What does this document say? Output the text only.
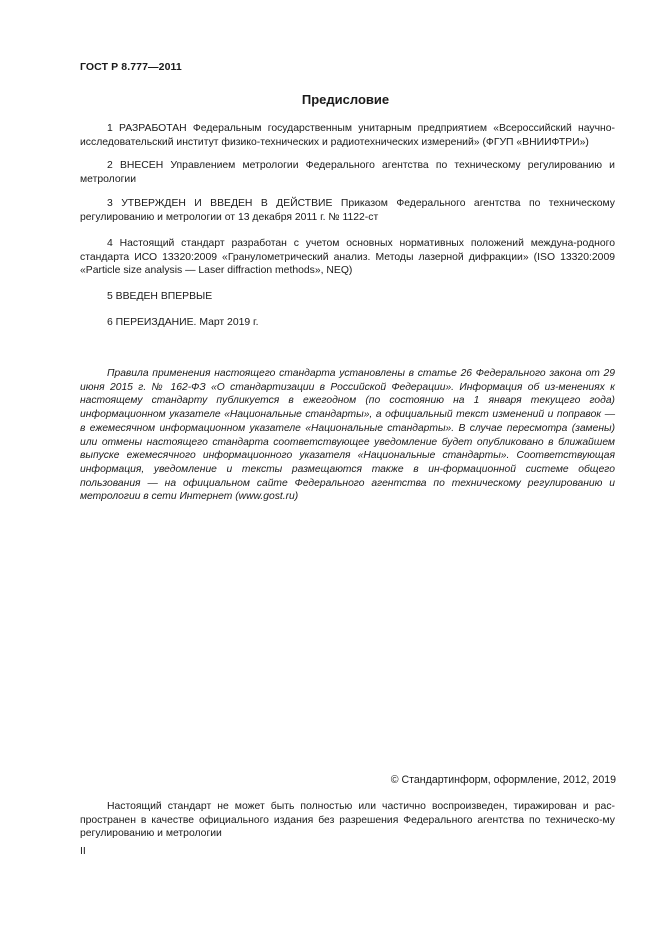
ГОСТ Р 8.777—2011
Предисловие
1 РАЗРАБОТАН Федеральным государственным унитарным предприятием «Всероссийский научно-исследовательский институт физико-технических и радиотехнических измерений» (ФГУП «ВНИИФТРИ»)
2 ВНЕСЕН Управлением метрологии Федерального агентства по техническому регулированию и метрологии
3 УТВЕРЖДЕН И ВВЕДЕН В ДЕЙСТВИЕ Приказом Федерального агентства по техническому регулированию и метрологии от 13 декабря 2011 г. № 1122-ст
4 Настоящий стандарт разработан с учетом основных нормативных положений междуна-родного стандарта ИСО 13320:2009 «Гранулометрический анализ. Методы лазерной дифракции» (ISO 13320:2009 «Particle size analysis — Laser diffraction methods», NEQ)
5 ВВЕДЕН ВПЕРВЫЕ
6 ПЕРЕИЗДАНИЕ. Март 2019 г.
Правила применения настоящего стандарта установлены в статье 26 Федерального закона от 29 июня 2015 г. № 162-ФЗ «О стандартизации в Российской Федерации». Информация об из-менениях к настоящему стандарту публикуется в ежегодном (по состоянию на 1 января текущего года) информационном указателе «Национальные стандарты», а официальный текст изменений и поправок — в ежемесячном информационном указателе «Национальные стандарты». В случае пересмотра (замены) или отмены настоящего стандарта соответствующее уведомление будет опубликовано в ближайшем выпуске ежемесячного информационного указателя «Национальные стандарты». Соответствующая информация, уведомление и тексты размещаются также в ин-формационной системе общего пользования — на официальном сайте Федерального агентства по техническому регулированию и метрологии в сети Интернет (www.gost.ru)
© Стандартинформ, оформление, 2012, 2019
Настоящий стандарт не может быть полностью или частично воспроизведен, тиражирован и рас-пространен в качестве официального издания без разрешения Федерального агентства по техническо-му регулированию и метрологии
II
